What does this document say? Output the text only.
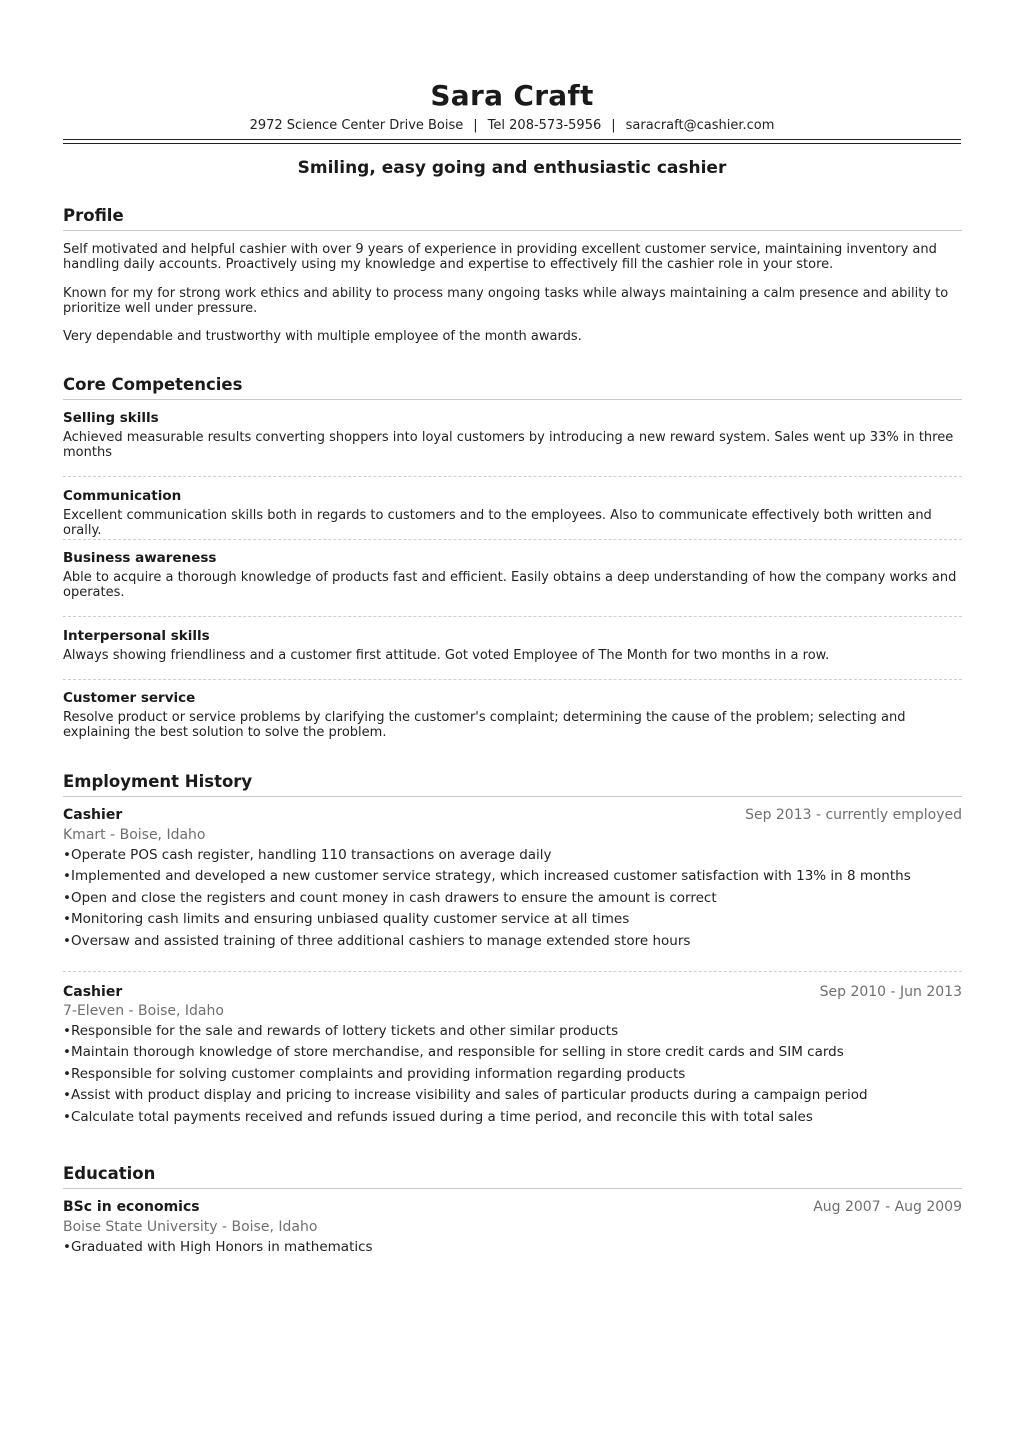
Sara Craft
2972 Science Center Drive Boise | Tel 208-573-5956 | saracraft@cashier.com
Smiling, easy going and enthusiastic cashier
Profile
Self motivated and helpful cashier with over 9 years of experience in providing excellent customer service, maintaining inventory and handling daily accounts. Proactively using my knowledge and expertise to effectively fill the cashier role in your store.
Known for my for strong work ethics and ability to process many ongoing tasks while always maintaining a calm presence and ability to prioritize well under pressure.
Very dependable and trustworthy with multiple employee of the month awards.
Core Competencies
Selling skills
Achieved measurable results converting shoppers into loyal customers by introducing a new reward system. Sales went up 33% in three months
Communication
Excellent communication skills both in regards to customers and to the employees. Also to communicate effectively both written and orally.
Business awareness
Able to acquire a thorough knowledge of products fast and efficient. Easily obtains a deep understanding of how the company works and operates.
Interpersonal skills
Always showing friendliness and a customer first attitude. Got voted Employee of The Month for two months in a row.
Customer service
Resolve product or service problems by clarifying the customer's complaint; determining the cause of the problem; selecting and explaining the best solution to solve the problem.
Employment History
Cashier	Sep 2013 - currently employed
Kmart - Boise, Idaho
• Operate POS cash register, handling 110 transactions on average daily
• Implemented and developed a new customer service strategy, which increased customer satisfaction with 13% in 8 months
• Open and close the registers and count money in cash drawers to ensure the amount is correct
• Monitoring cash limits and ensuring unbiased quality customer service at all times
• Oversaw and assisted training of three additional cashiers to manage extended store hours
Cashier	Sep 2010 - Jun 2013
7-Eleven - Boise, Idaho
• Responsible for the sale and rewards of lottery tickets and other similar products
• Maintain thorough knowledge of store merchandise, and responsible for selling in store credit cards and SIM cards
• Responsible for solving customer complaints and providing information regarding products
• Assist with product display and pricing to increase visibility and sales of particular products during a campaign period
• Calculate total payments received and refunds issued during a time period, and reconcile this with total sales
Education
BSc in economics	Aug 2007 - Aug 2009
Boise State University - Boise, Idaho
• Graduated with High Honors in mathematics
